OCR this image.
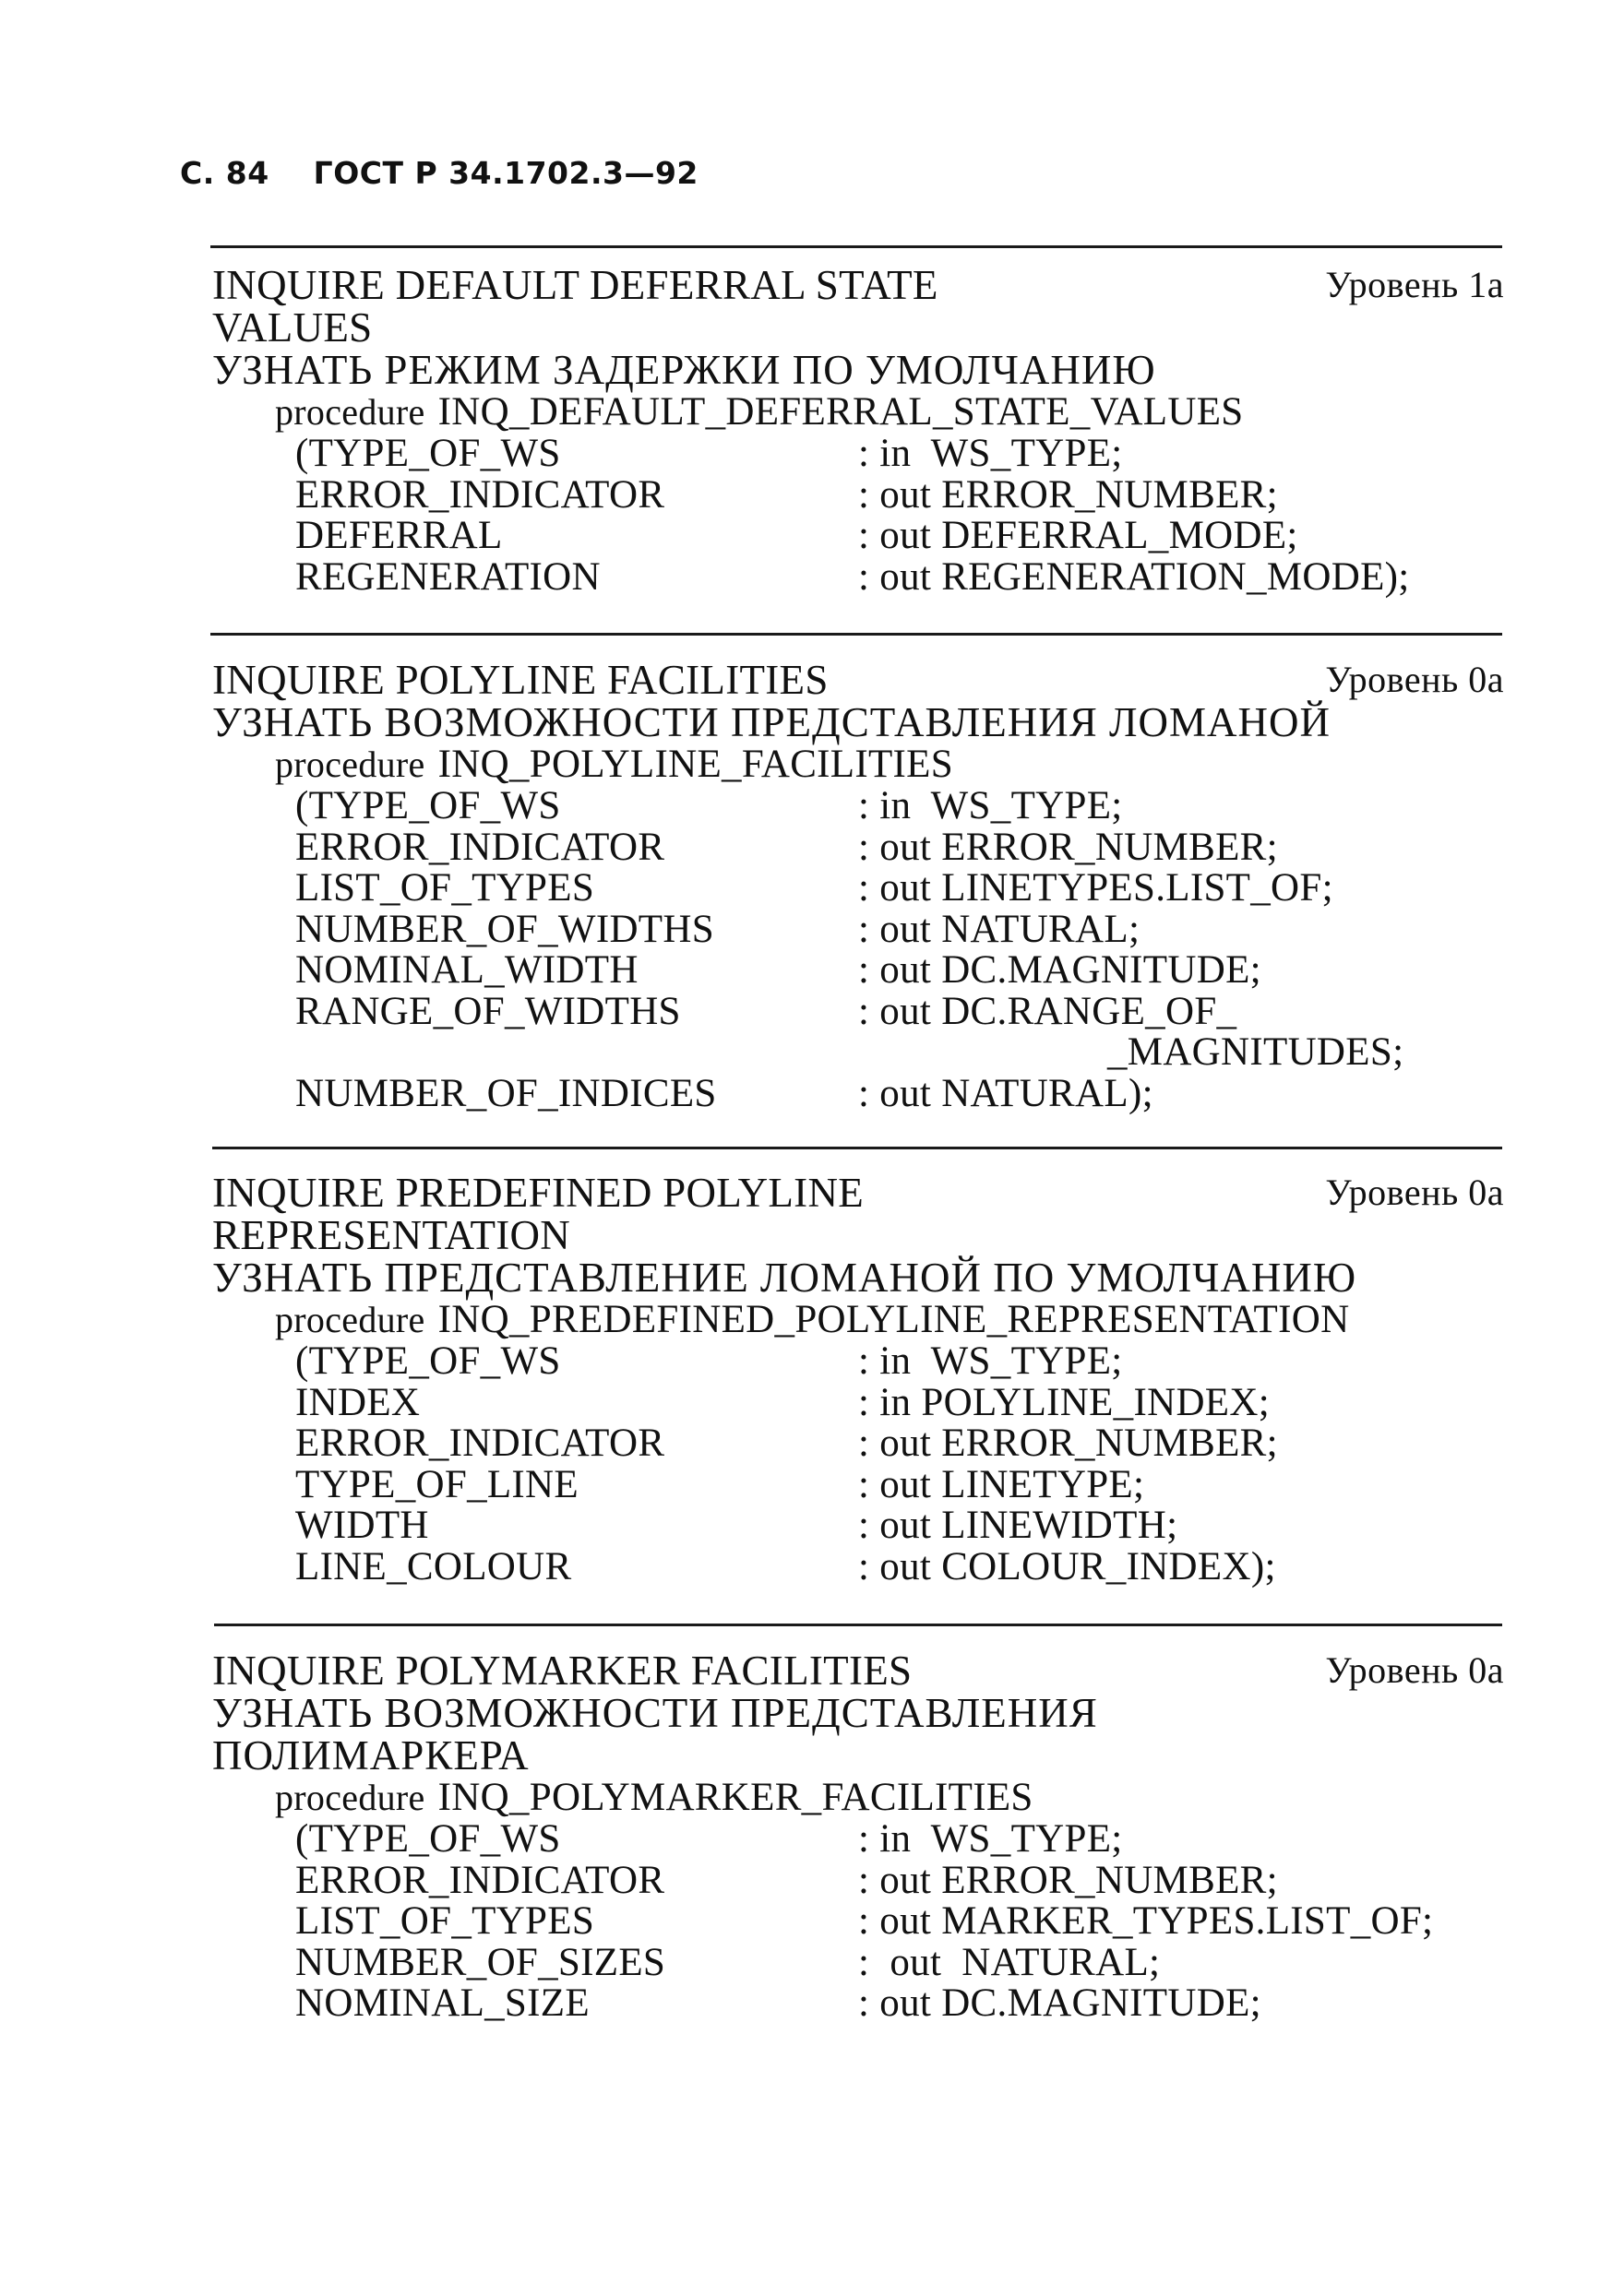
С. 84 ГОСТ Р 34.1702.3—92
INQUIRE DEFAULT DEFERRAL STATE
VALUES
Уровень 1a
УЗНАТЬ РЕЖИМ ЗАДЕРЖКИ ПО УМОЛЧАНИЮ
procedure INQ_DEFAULT_DEFERRAL_STATE_VALUES
(TYPE_OF_WS	: in  WS_TYPE;
ERROR_INDICATOR	: out ERROR_NUMBER;
DEFERRAL	: out DEFERRAL_MODE;
REGENERATION	: out REGENERATION_MODE);
INQUIRE POLYLINE FACILITIES	Уровень 0a
УЗНАТЬ ВОЗМОЖНОСТИ ПРЕДСТАВЛЕНИЯ ЛОМАНОЙ
procedure INQ_POLYLINE_FACILITIES
(TYPE_OF_WS	: in  WS_TYPE;
ERROR_INDICATOR	: out ERROR_NUMBER;
LIST_OF_TYPES	: out LINETYPES.LIST_OF;
NUMBER_OF_WIDTHS	: out NATURAL;
NOMINAL_WIDTH	: out DC.MAGNITUDE;
RANGE_OF_WIDTHS	: out DC.RANGE_OF_
_MAGNITUDES;
NUMBER_OF_INDICES	: out NATURAL);
INQUIRE PREDEFINED POLYLINE
REPRESENTATION
Уровень 0a
УЗНАТЬ ПРЕДСТАВЛЕНИЕ ЛОМАНОЙ ПО УМОЛЧАНИЮ
procedure INQ_PREDEFINED_POLYLINE_REPRESENTATION
(TYPE_OF_WS	: in  WS_TYPE;
INDEX	: in POLYLINE_INDEX;
ERROR_INDICATOR	: out ERROR_NUMBER;
TYPE_OF_LINE	: out LINETYPE;
WIDTH	: out LINEWIDTH;
LINE_COLOUR	: out COLOUR_INDEX);
INQUIRE POLYMARKER FACILITIES	Уровень 0a
УЗНАТЬ ВОЗМОЖНОСТИ ПРЕДСТАВЛЕНИЯ
ПОЛИМАРКЕРА
procedure INQ_POLYMARKER_FACILITIES
(TYPE_OF_WS	: in  WS_TYPE;
ERROR_INDICATOR	: out ERROR_NUMBER;
LIST_OF_TYPES	: out MARKER_TYPES.LIST_OF;
NUMBER_OF_SIZES	:  out  NATURAL;
NOMINAL_SIZE	: out DC.MAGNITUDE;
